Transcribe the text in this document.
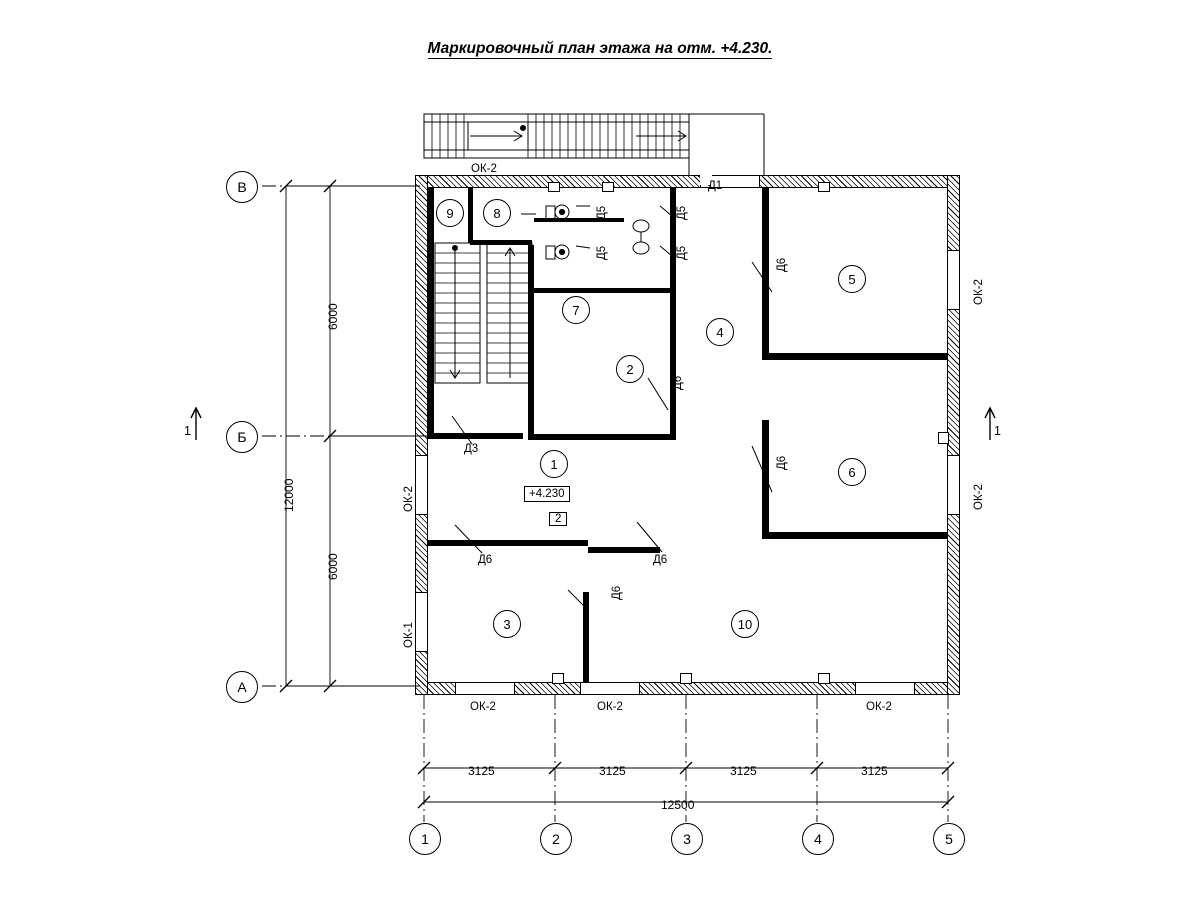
Маркировочный план этажа на отм. +4.230.
В
Б
А
1	2	3	4	5
1	1
6000
6000
12000
3125	3125	3125	3125
12500
9	8
7
2
4
5
6
1
3	10
+4.230
2
Д1
Д5	Д5
Д5	Д5
Д6
Д6
Д6
Д3
Д6	Д6
Д6
ОК-2
ОК-2
ОК-2
ОК-2
ОК-1
ОК-2	ОК-2	ОК-2
